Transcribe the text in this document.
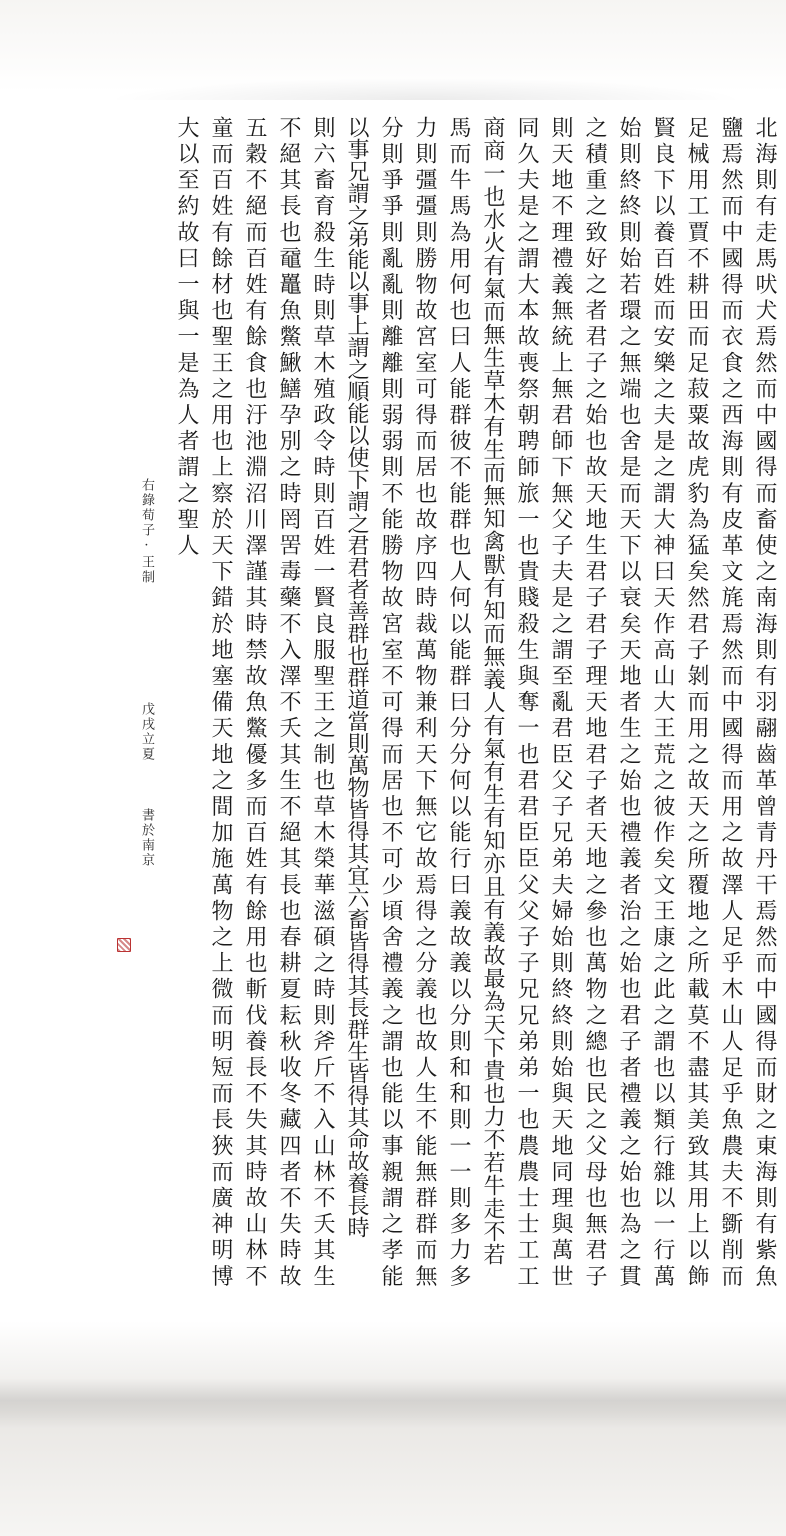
北海則有走馬吠犬焉然而中國得而畜使之南海則有羽翮齒革曾青丹干焉然而中國得而財之東海則有紫魚
鹽焉然而中國得而衣食之西海則有皮革文旄焉然而中國得而用之故澤人足乎木山人足乎魚農夫不斵削而
足械用工賈不耕田而足菽粟故虎豹為猛矣然君子剝而用之故天之所覆地之所載莫不盡其美致其用上以飾
賢良下以養百姓而安樂之夫是之謂大神曰天作高山大王荒之彼作矣文王康之此之謂也以類行雜以一行萬
始則終終則始若環之無端也舍是而天下以衰矣天地者生之始也禮義者治之始也君子者禮義之始也為之貫
之積重之致好之者君子之始也故天地生君子君子理天地君子者天地之參也萬物之總也民之父母也無君子
則天地不理禮義無統上無君師下無父子夫是之謂至亂君臣父子兄弟夫婦始則終終則始與天地同理與萬世
同久夫是之謂大本故喪祭朝聘師旅一也貴賤殺生與奪一也君君臣臣父父子子兄兄弟弟一也農農士士工工
商商一也水火有氣而無生草木有生而無知禽獸有知而無義人有氣有生有知亦且有義故最為天下貴也力不若牛走不若
馬而牛馬為用何也曰人能群彼不能群也人何以能群曰分分何以能行曰義故義以分則和和則一一則多力多
力則彊彊則勝物故宮室可得而居也故序四時裁萬物兼利天下無它故焉得之分義也故人生不能無群群而無
分則爭爭則亂亂則離離則弱弱則不能勝物故宮室不可得而居也不可少頃舍禮義之謂也能以事親謂之孝能
以事兄謂之弟能以事上謂之順能以使下謂之君君者善群也群道當則萬物皆得其宜六畜皆得其長群生皆得其命故養長時
則六畜育殺生時則草木殖政令時則百姓一賢良服聖王之制也草木榮華滋碩之時則斧斤不入山林不夭其生
不絕其長也黿鼉魚鱉鰍鱔孕別之時罔罟毒藥不入澤不夭其生不絕其長也春耕夏耘秋收冬藏四者不失時故
五穀不絕而百姓有餘食也汙池淵沼川澤謹其時禁故魚鱉優多而百姓有餘用也斬伐養長不失其時故山林不
童而百姓有餘材也聖王之用也上察於天下錯於地塞備天地之間加施萬物之上微而明短而長狹而廣神明博
大以至約故曰一與一是為人者謂之聖人
右錄荀子·王制
戊戌立夏
書於南京
